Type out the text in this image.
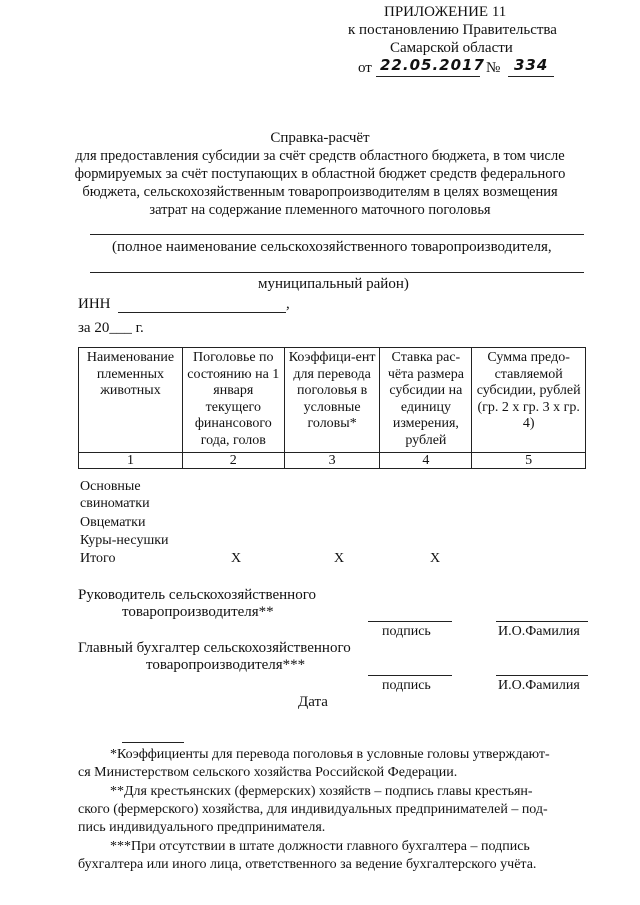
ПРИЛОЖЕНИЕ 11
к постановлению Правительства
Самарской области
от 22.05.2017 № 334
Справка-расчёт
для предоставления субсидии за счёт средств областного бюджета, в том числе
формируемых за счёт поступающих в областной бюджет средств федерального
бюджета, сельскохозяйственным товаропроизводителям в целях возмещения
затрат на содержание племенного маточного поголовья
(полное наименование сельскохозяйственного товаропроизводителя,
муниципальный район)
ИНН	,
за 20___ г.
Наименование племенных животных	Поголовье по состоянию на 1 января текущего финансового года, голов	Коэффици-ент для перевода поголовья в условные головы*	Ставка рас-чёта размера субсидии на единицу измерения, рублей	Сумма предо-ставляемой субсидии, рублей (гр. 2 х гр. 3 х гр. 4)
1	2	3	4	5
Основные свиноматки
Овцематки
Куры-несушки
Итого	Х	Х	Х
Руководитель сельскохозяйственного
товаропроизводителя**
подпись	И.О.Фамилия
Главный бухгалтер сельскохозяйственного
товаропроизводителя***
подпись	И.О.Фамилия
Дата
*Коэффициенты для перевода поголовья в условные головы утверждают-
ся Министерством сельского хозяйства Российской Федерации.
**Для крестьянских (фермерских) хозяйств – подпись главы крестьян-
ского (фермерского) хозяйства, для индивидуальных предпринимателей – под-
пись индивидуального предпринимателя.
***При отсутствии в штате должности главного бухгалтера – подпись
бухгалтера или иного лица, ответственного за ведение бухгалтерского учёта.
